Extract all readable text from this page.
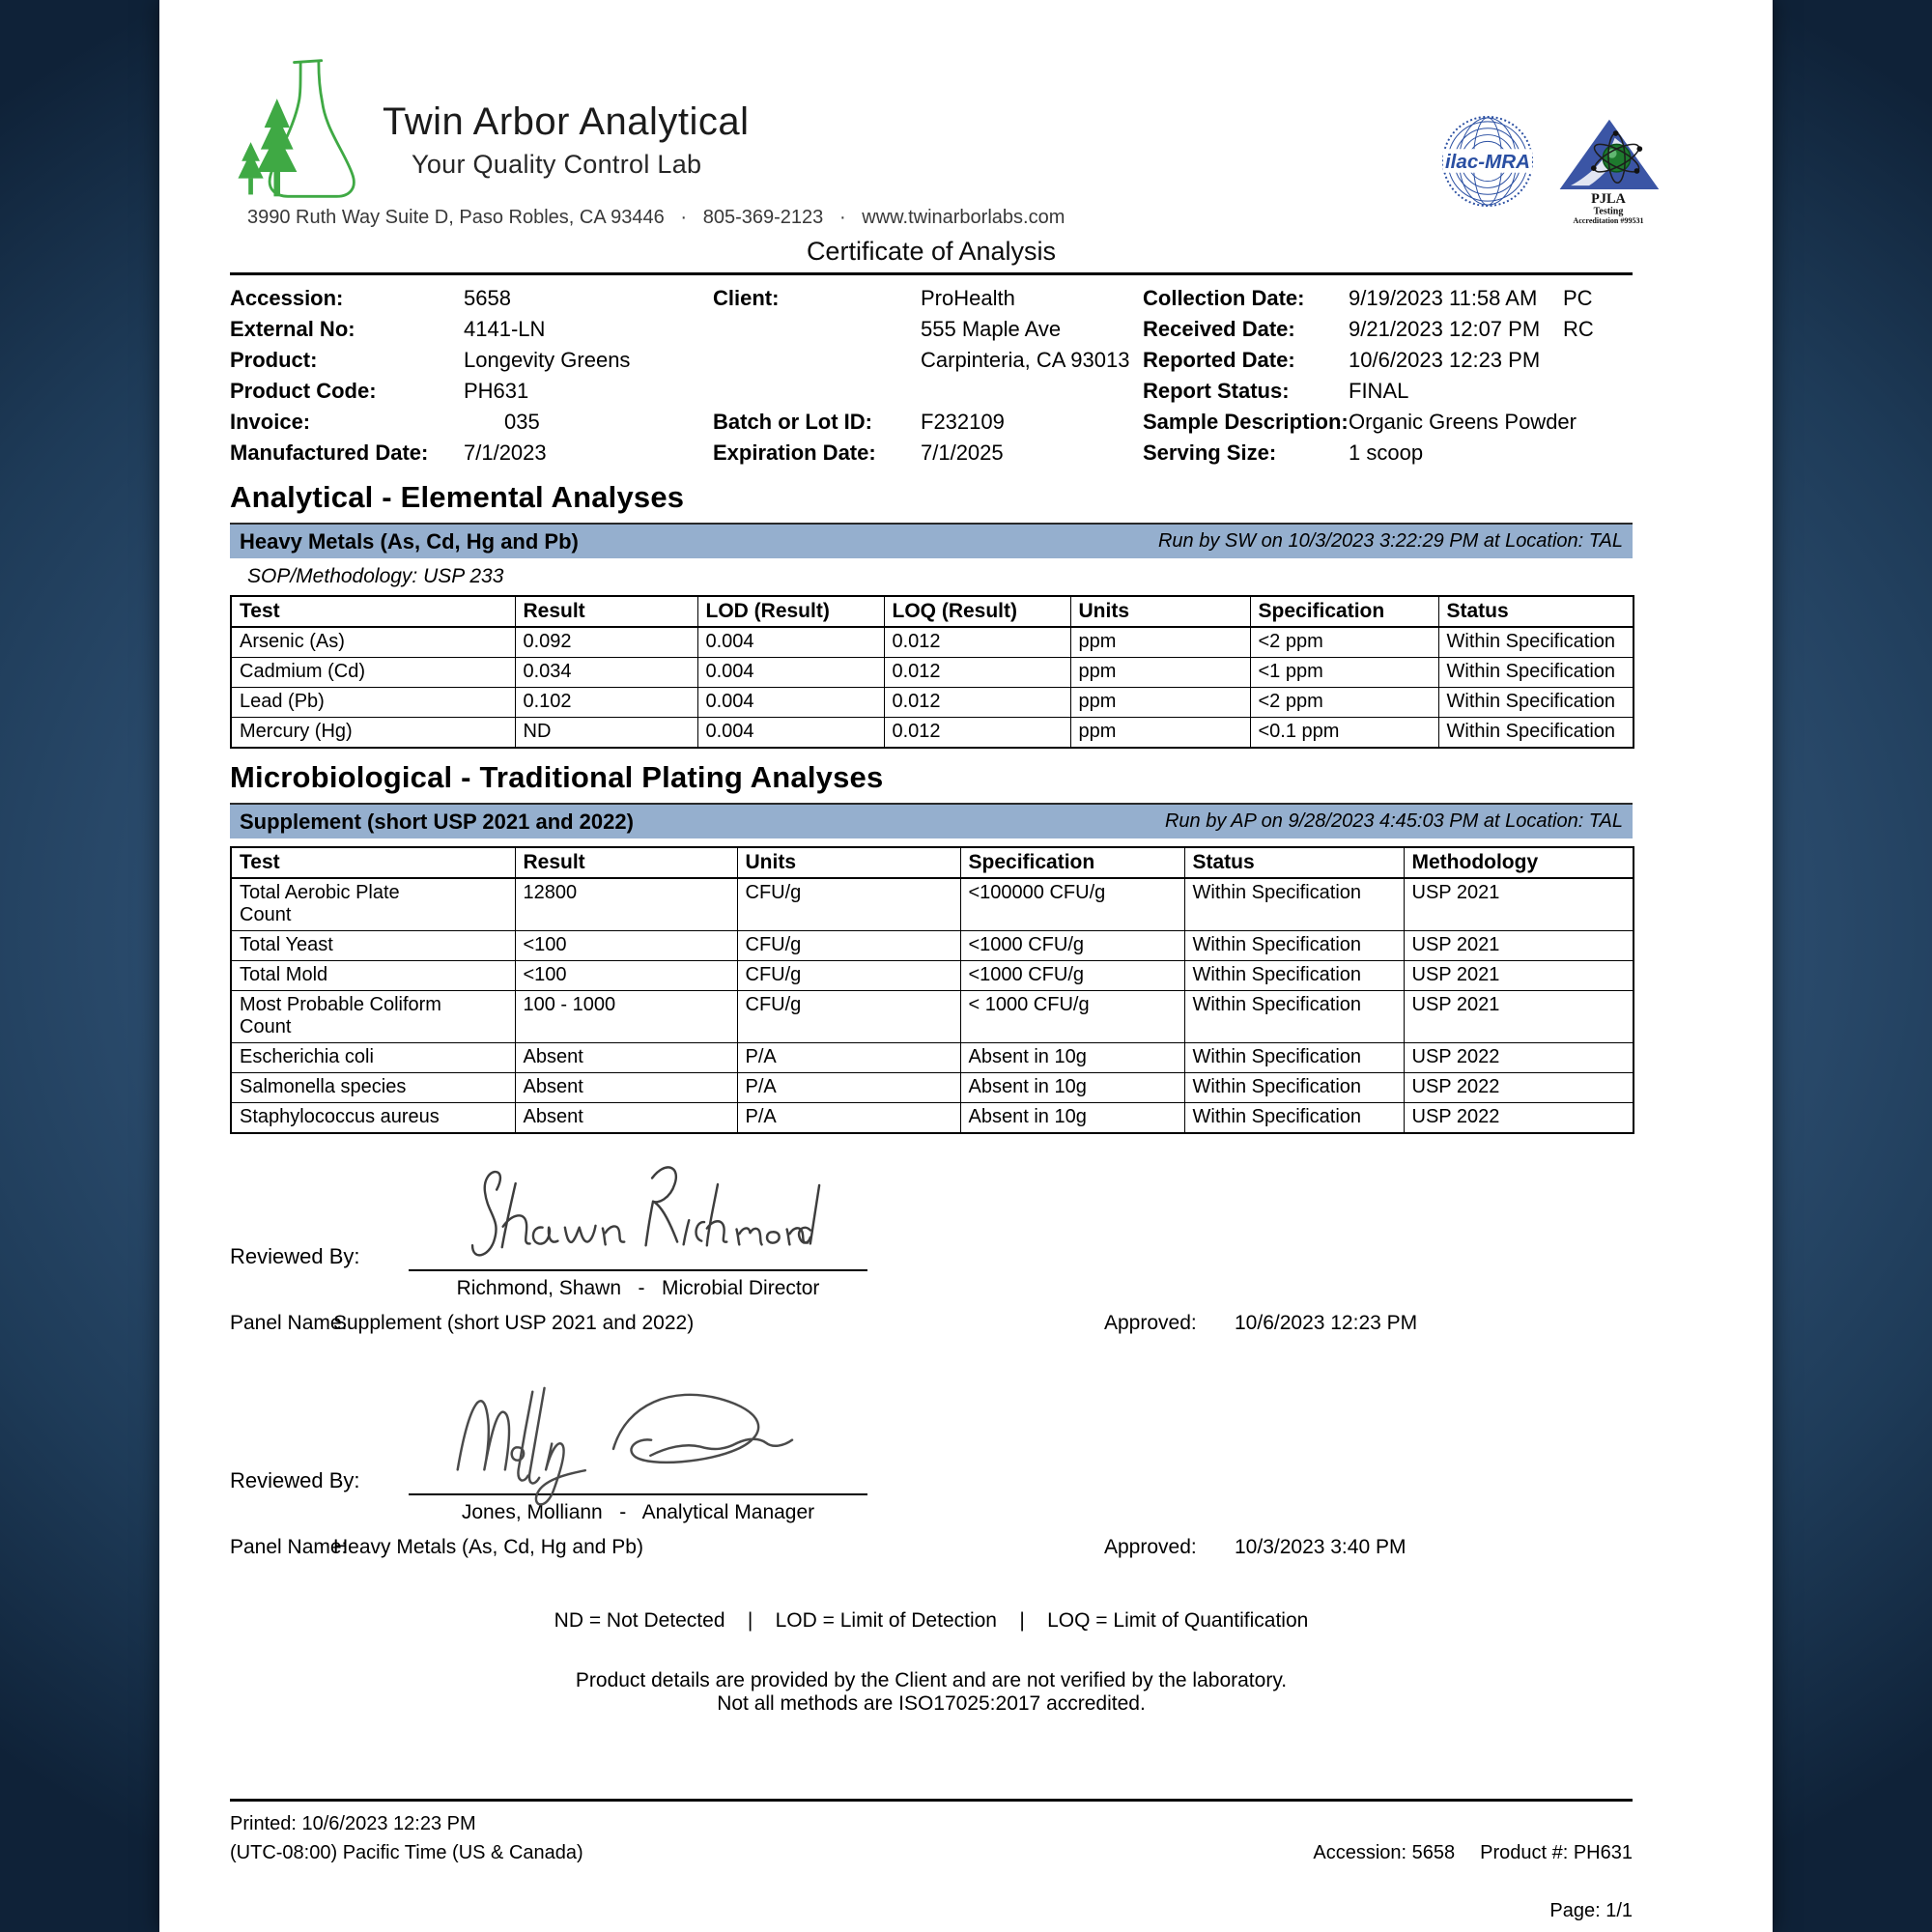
Twin Arbor Analytical
Your Quality Control Lab
3990 Ruth Way Suite D, Paso Robles, CA 93446   ·   805-369-2123   ·   www.twinarborlabs.com
ilac-MRA
PJLA
Testing
Accreditation #99531
Certificate of Analysis
Accession:	5658
External No:	4141-LN
Product:	Longevity Greens
Product Code:	PH631
Invoice:	035
Manufactured Date:	7/1/2023
Client:	ProHealth
555 Maple Ave
Carpinteria, CA 93013
Batch or Lot ID:	F232109
Expiration Date:	7/1/2025
Collection Date:	9/19/2023 11:58 AM PC
Received Date:	9/21/2023 12:07 PM RC
Reported Date:	10/6/2023 12:23 PM
Report Status:	FINAL
Sample Description: Organic Greens Powder
Serving Size:	1 scoop
Analytical - Elemental Analyses
Heavy Metals (As, Cd, Hg and Pb)	Run by SW on 10/3/2023 3:22:29 PM at Location: TAL
SOP/Methodology: USP 233
Test	Result	LOD (Result)	LOQ (Result)	Units	Specification	Status
Arsenic (As)	0.092	0.004	0.012	ppm	<2 ppm	Within Specification
Cadmium (Cd)	0.034	0.004	0.012	ppm	<1 ppm	Within Specification
Lead (Pb)	0.102	0.004	0.012	ppm	<2 ppm	Within Specification
Mercury (Hg)	ND	0.004	0.012	ppm	<0.1 ppm	Within Specification
Microbiological - Traditional Plating Analyses
Supplement (short USP 2021 and 2022)	Run by AP on 9/28/2023 4:45:03 PM at Location: TAL
Test	Result	Units	Specification	Status	Methodology
Total Aerobic Plate Count	12800	CFU/g	<100000 CFU/g	Within Specification	USP 2021
Total Yeast	<100	CFU/g	<1000 CFU/g	Within Specification	USP 2021
Total Mold	<100	CFU/g	<1000 CFU/g	Within Specification	USP 2021
Most Probable Coliform Count	100 - 1000	CFU/g	< 1000 CFU/g	Within Specification	USP 2021
Escherichia coli	Absent	P/A	Absent in 10g	Within Specification	USP 2022
Salmonella species	Absent	P/A	Absent in 10g	Within Specification	USP 2022
Staphylococcus aureus	Absent	P/A	Absent in 10g	Within Specification	USP 2022
Reviewed By:
Richmond, Shawn   -   Microbial Director
Panel Name:
Supplement (short USP 2021 and 2022)	Approved: 10/6/2023 12:23 PM
Reviewed By:
Jones, Molliann   -   Analytical Manager
Panel Name:
Heavy Metals (As, Cd, Hg and Pb)	Approved: 10/3/2023 3:40 PM
ND = Not Detected    |    LOD = Limit of Detection    |    LOQ = Limit of Quantification
Product details are provided by the Client and are not verified by the laboratory.
Not all methods are ISO17025:2017 accredited.
Printed: 10/6/2023 12:23 PM
(UTC-08:00) Pacific Time (US & Canada)	Accession: 5658 Product #: PH631

Page: 1/1
